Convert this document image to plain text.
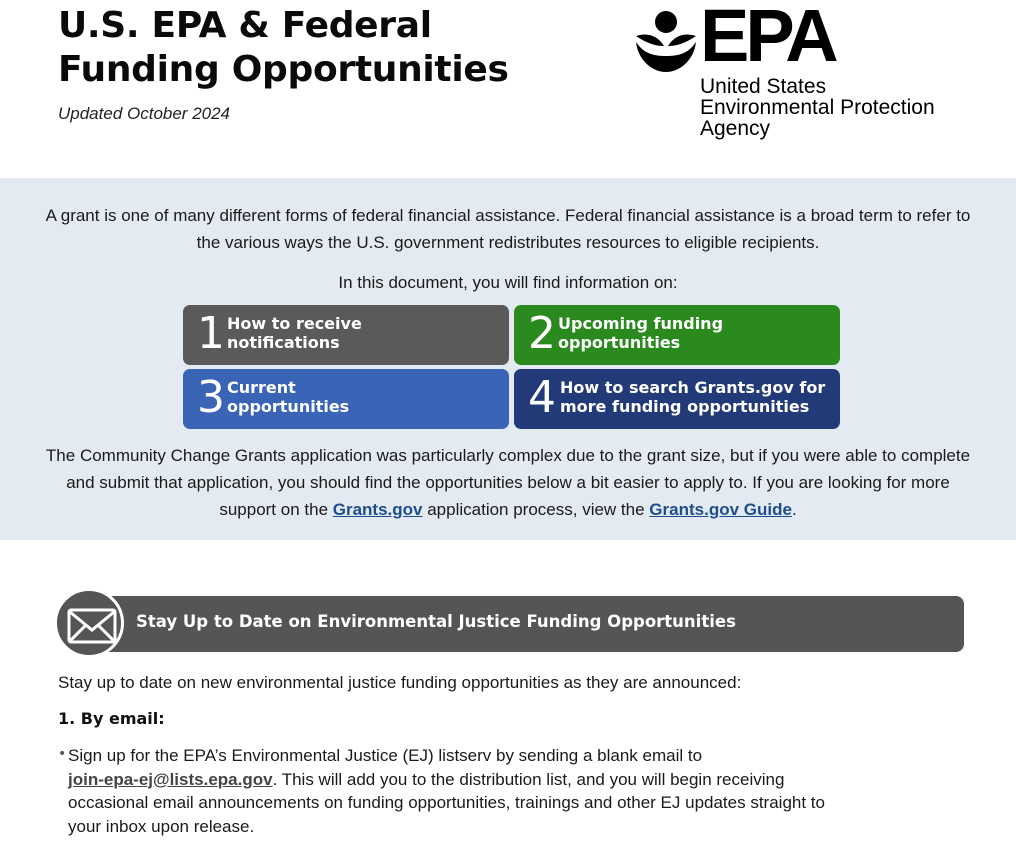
U.S. EPA & Federal
Funding Opportunities
Updated October 2024
EPA
United States
Environmental Protection
Agency

A grant is one of many different forms of federal financial assistance. Federal financial assistance is a broad term to refer to the various ways the U.S. government redistributes resources to eligible recipients.

In this document, you will find information on:

1 How to receive
notifications	2 Upcoming funding
opportunities
3 Current
opportunities	4 How to search Grants.gov for
more funding opportunities

The Community Change Grants application was particularly complex due to the grant size, but if you were able to complete and submit that application, you should find the opportunities below a bit easier to apply to. If you are looking for more support on the Grants.gov application process, view the Grants.gov Guide.

Stay Up to Date on Environmental Justice Funding Opportunities
Stay up to date on new environmental justice funding opportunities as they are announced:
1. By email:
• Sign up for the EPA’s Environmental Justice (EJ) listserv by sending a blank email to
join-epa-ej@lists.epa.gov. This will add you to the distribution list, and you will begin receiving
occasional email announcements on funding opportunities, trainings and other EJ updates straight to
your inbox upon release.
